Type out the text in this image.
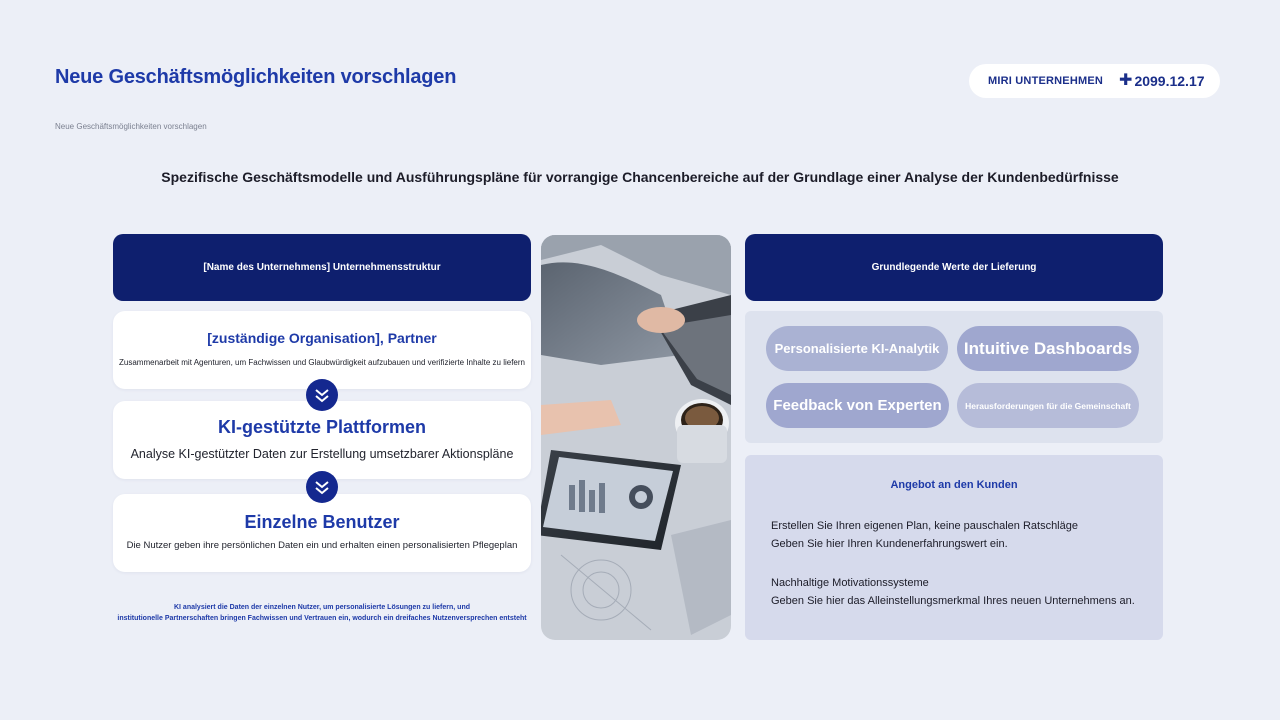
Neue Geschäftsmöglichkeiten vorschlagen
Neue Geschäftsmöglichkeiten vorschlagen
MIRI UNTERNEHMEN ✚ 2099.12.17
Spezifische Geschäftsmodelle und Ausführungspläne für vorrangige Chancenbereiche auf der Grundlage einer Analyse der Kundenbedürfnisse
[Name des Unternehmens] Unternehmensstruktur
[zuständige Organisation], Partner
Zusammenarbeit mit Agenturen, um Fachwissen und Glaubwürdigkeit aufzubauen und verifizierte Inhalte zu liefern
KI-gestützte Plattformen
Analyse KI-gestützter Daten zur Erstellung umsetzbarer Aktionspläne
Einzelne Benutzer
Die Nutzer geben ihre persönlichen Daten ein und erhalten einen personalisierten Pflegeplan
KI analysiert die Daten der einzelnen Nutzer, um personalisierte Lösungen zu liefern, und
institutionelle Partnerschaften bringen Fachwissen und Vertrauen ein, wodurch ein dreifaches Nutzenversprechen entsteht
Grundlegende Werte der Lieferung
Personalisierte KI-Analytik	Intuitive Dashboards
Feedback von Experten	Herausforderungen für die Gemeinschaft
Angebot an den Kunden
Erstellen Sie Ihren eigenen Plan, keine pauschalen Ratschläge
Geben Sie hier Ihren Kundenerfahrungswert ein.
Nachhaltige Motivationssysteme
Geben Sie hier das Alleinstellungsmerkmal Ihres neuen Unternehmens an.
